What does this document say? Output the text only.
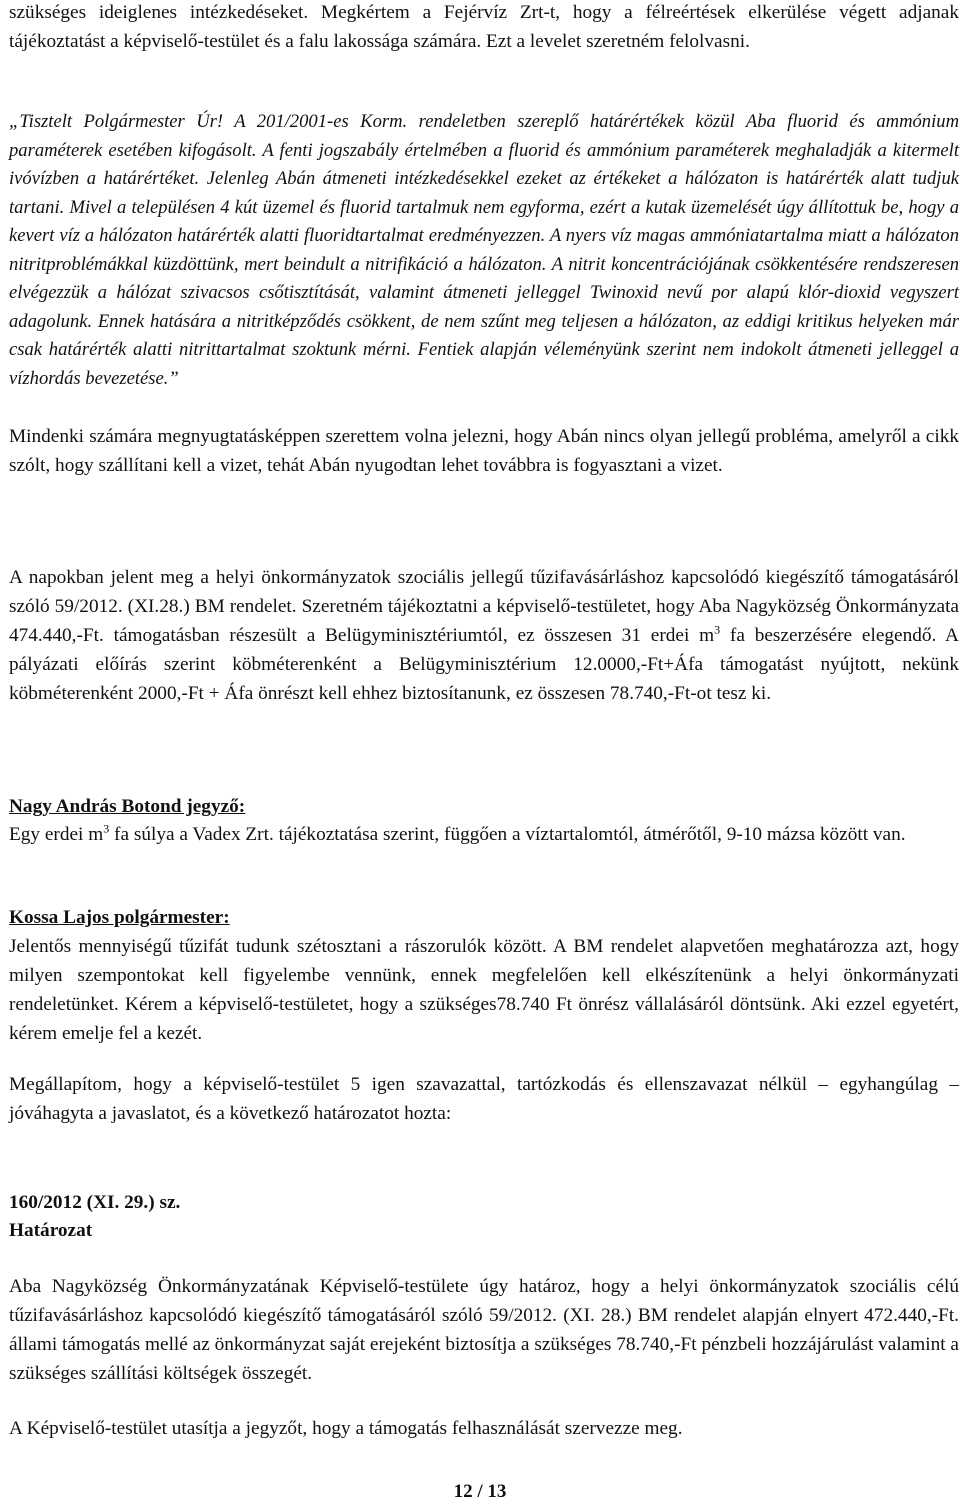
szükséges ideiglenes intézkedéseket. Megkértem a Fejérvíz Zrt-t, hogy a félreértések elkerülése végett adjanak tájékoztatást a képviselő-testület és a falu lakossága számára. Ezt a levelet szeretném felolvasni.

„Tisztelt Polgármester Úr! A 201/2001-es Korm. rendeletben szereplő határértékek közül Aba fluorid és ammónium paraméterek esetében kifogásolt. A fenti jogszabály értelmében a fluorid és ammónium paraméterek meghaladják a kitermelt ivóvízben a határértéket. Jelenleg Abán átmeneti intézkedésekkel ezeket az értékeket a hálózaton is határérték alatt tudjuk tartani. Mivel a településen 4 kút üzemel és fluorid tartalmuk nem egyforma, ezért a kutak üzemelését úgy állítottuk be, hogy a kevert víz a hálózaton határérték alatti fluoridtartalmat eredményezzen. A nyers víz magas ammóniatartalma miatt a hálózaton nitritproblémákkal küzdöttünk, mert beindult a nitrifikáció a hálózaton. A nitrit koncentrációjának csökkentésére rendszeresen elvégezzük a hálózat szivacsos csőtisztítását, valamint átmeneti jelleggel Twinoxid nevű por alapú klór-dioxid vegyszert adagolunk. Ennek hatására a nitritképződés csökkent, de nem szűnt meg teljesen a hálózaton, az eddigi kritikus helyeken már csak határérték alatti nitrittartalmat szoktunk mérni. Fentiek alapján véleményünk szerint nem indokolt átmeneti jelleggel a vízhordás bevezetése.”

Mindenki számára megnyugtatásképpen szerettem volna jelezni, hogy Abán nincs olyan jellegű probléma, amelyről a cikk szólt, hogy szállítani kell a vizet, tehát Abán nyugodtan lehet továbbra is fogyasztani a vizet.

A napokban jelent meg a helyi önkormányzatok szociális jellegű tűzifavásárláshoz kapcsolódó kiegészítő támogatásáról szóló 59/2012. (XI.28.) BM rendelet. Szeretném tájékoztatni a képviselő-testületet, hogy Aba Nagyközség Önkormányzata 474.440,-Ft. támogatásban részesült a Belügyminisztériumtól, ez összesen 31 erdei $m^3$ fa beszerzésére elegendő. A pályázati előírás szerint köbméterenként a Belügyminisztérium 12.0000,-Ft+Áfa támogatást nyújtott, nekünk köbméterenként 2000,-Ft + Áfa önrészt kell ehhez biztosítanunk, ez összesen 78.740,-Ft-ot tesz ki.

Nagy András Botond jegyző:

Egy erdei $m^3$ fa súlya a Vadex Zrt. tájékoztatása szerint, függően a víztartalomtól, átmérőtől, 9-10 mázsa között van.

Kossa Lajos polgármester:

Jelentős mennyiségű tűzifát tudunk szétosztani a rászorulók között. A BM rendelet alapvetően meghatározza azt, hogy milyen szempontokat kell figyelembe vennünk, ennek megfelelően kell elkészítenünk a helyi önkormányzati rendeletünket. Kérem a képviselő-testületet, hogy a szükséges78.740 Ft önrész vállalásáról döntsünk. Aki ezzel egyetért, kérem emelje fel a kezét.

Megállapítom, hogy a képviselő-testület 5 igen szavazattal, tartózkodás és ellenszavazat nélkül – egyhangúlag – jóváhagyta a javaslatot, és a következő határozatot hozta:

160/2012 (XI. 29.) sz.
Határozat

Aba Nagyközség Önkormányzatának Képviselő-testülete úgy határoz, hogy a helyi önkormányzatok szociális célú tűzifavásárláshoz kapcsolódó kiegészítő támogatásáról szóló 59/2012. (XI. 28.) BM rendelet alapján elnyert 472.440,-Ft. állami támogatás mellé az önkormányzat saját erejeként biztosítja a szükséges 78.740,-Ft pénzbeli hozzájárulást valamint a szükséges szállítási költségek összegét.

A Képviselő-testület utasítja a jegyzőt, hogy a támogatás felhasználását szervezze meg.

12 / 13
